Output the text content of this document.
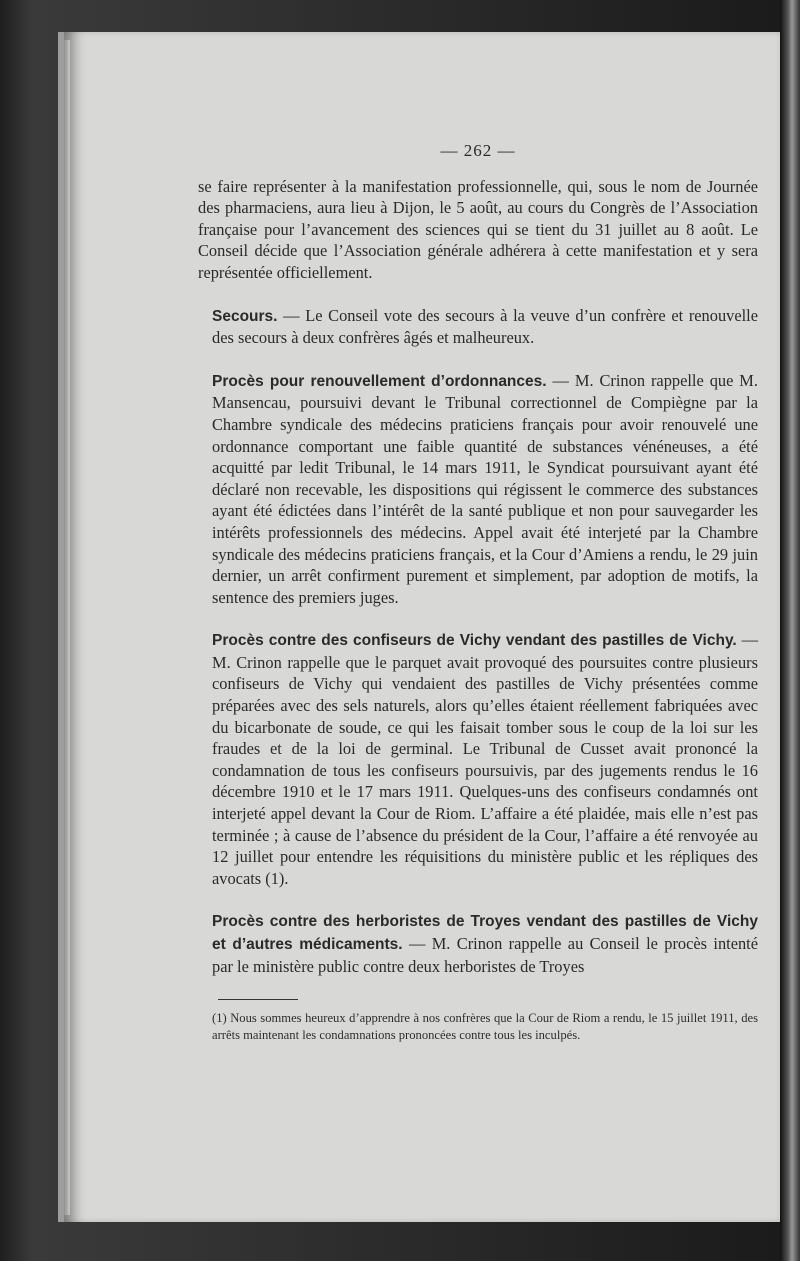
— 262 —

se faire représenter à la manifestation professionnelle, qui, sous le nom de Journée des pharmaciens, aura lieu à Dijon, le 5 août, au cours du Congrès de l’Association française pour l’avancement des sciences qui se tient du 31 juillet au 8 août. Le Conseil décide que l’Association générale adhérera à cette manifestation et y sera représentée officiellement.

Secours. — Le Conseil vote des secours à la veuve d’un confrère et renouvelle des secours à deux confrères âgés et malheureux.

Procès pour renouvellement d’ordonnances. — M. Crinon rappelle que M. Mansencau, poursuivi devant le Tribunal correctionnel de Compiègne par la Chambre syndicale des médecins praticiens français pour avoir renouvelé une ordonnance comportant une faible quantité de substances vénéneuses, a été acquitté par ledit Tribunal, le 14 mars 1911, le Syndicat poursuivant ayant été déclaré non recevable, les dispositions qui régissent le commerce des substances ayant été édictées dans l’intérêt de la santé publique et non pour sauvegarder les intérêts professionnels des médecins. Appel avait été interjeté par la Chambre syndicale des médecins praticiens français, et la Cour d’Amiens a rendu, le 29 juin dernier, un arrêt confirment purement et simplement, par adoption de motifs, la sentence des premiers juges.

Procès contre des confiseurs de Vichy vendant des pastilles de Vichy. — M. Crinon rappelle que le parquet avait provoqué des poursuites contre plusieurs confiseurs de Vichy qui vendaient des pastilles de Vichy présentées comme préparées avec des sels naturels, alors qu’elles étaient réellement fabriquées avec du bicarbonate de soude, ce qui les faisait tomber sous le coup de la loi sur les fraudes et de la loi de germinal. Le Tribunal de Cusset avait prononcé la condamnation de tous les confiseurs poursuivis, par des jugements rendus le 16 décembre 1910 et le 17 mars 1911. Quelques-uns des confiseurs condamnés ont interjeté appel devant la Cour de Riom. L’affaire a été plaidée, mais elle n’est pas terminée ; à cause de l’absence du président de la Cour, l’affaire a été renvoyée au 12 juillet pour entendre les réquisitions du ministère public et les répliques des avocats (1).

Procès contre des herboristes de Troyes vendant des pastilles de Vichy et d’autres médicaments. — M. Crinon rappelle au Conseil le procès intenté par le ministère public contre deux herboristes de Troyes

(1) Nous sommes heureux d’apprendre à nos confrères que la Cour de Riom a rendu, le 15 juillet 1911, des arrêts maintenant les condamnations prononcées contre tous les inculpés.
